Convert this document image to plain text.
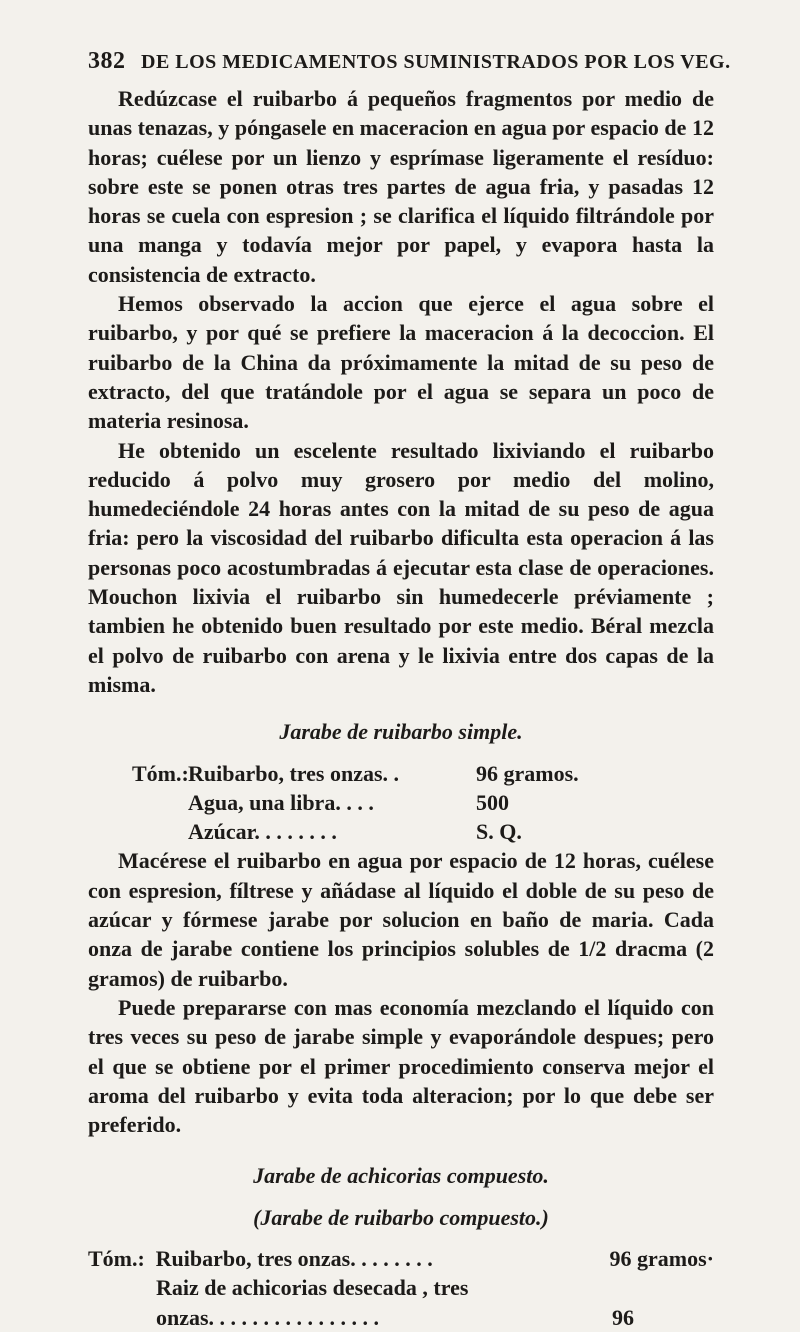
382 DE LOS MEDICAMENTOS SUMINISTRADOS POR LOS VEG.

Redúzcase el ruibarbo á pequeños fragmentos por medio de unas tenazas, y póngasele en maceracion en agua por espacio de 12 horas; cuélese por un lienzo y esprímase ligeramente el resíduo: sobre este se ponen otras tres partes de agua fria, y pasadas 12 horas se cuela con espresion ; se clarifica el líquido filtrándole por una manga y todavía mejor por papel, y evapora hasta la consistencia de extracto.

Hemos observado la accion que ejerce el agua sobre el ruibarbo, y por qué se prefiere la maceracion á la decoccion. El ruibarbo de la China da próximamente la mitad de su peso de extracto, del que tratándole por el agua se separa un poco de materia resinosa.

He obtenido un escelente resultado lixiviando el ruibarbo reducido á polvo muy grosero por medio del molino, humedeciéndole 24 horas antes con la mitad de su peso de agua fria: pero la viscosidad del ruibarbo dificulta esta operacion á las personas poco acostumbradas á ejecutar esta clase de operaciones. Mouchon lixivia el ruibarbo sin humedecerle préviamente ; tambien he obtenido buen resultado por este medio. Béral mezcla el polvo de ruibarbo con arena y le lixivia entre dos capas de la misma.

Jarabe de ruibarbo simple.
Tóm.: Ruibarbo, tres onzas. .	96 gramos.
Agua, una libra. . . .	500
Azúcar. . . . . . . .	S. Q.

Macérese el ruibarbo en agua por espacio de 12 horas, cuélese con espresion, fíltrese y añádase al líquido el doble de su peso de azúcar y fórmese jarabe por solucion en baño de maria. Cada onza de jarabe contiene los principios solubles de 1/2 dracma (2 gramos) de ruibarbo.

Puede prepararse con mas economía mezclando el líquido con tres veces su peso de jarabe simple y evaporándole despues; pero el que se obtiene por el primer procedimiento conserva mejor el aroma del ruibarbo y evita toda alteracion; por lo que debe ser preferido.

Jarabe de achicorias compuesto.
(Jarabe de ruibarbo compuesto.)
Tóm.: Ruibarbo, tres onzas. . . . . . . .	96 gramos·
Raiz de achicorias desecada , tres
onzas. . . . . . . . . . . . . . . .	96
